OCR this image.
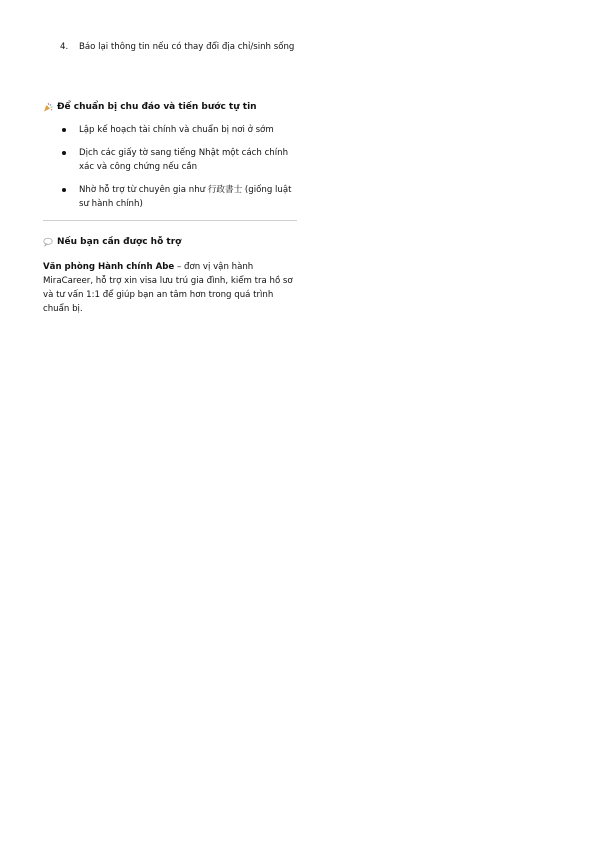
4. Báo lại thông tin nếu có thay đổi địa chỉ/sinh sống
Để chuẩn bị chu đáo và tiến bước tự tin
Lập kế hoạch tài chính và chuẩn bị nơi ở sớm
Dịch các giấy tờ sang tiếng Nhật một cách chính xác và công chứng nếu cần
Nhờ hỗ trợ từ chuyên gia như 行政書士 (giống luật sư hành chính)
Nếu bạn cần được hỗ trợ
Văn phòng Hành chính Abe – đơn vị vận hành MiraCareer, hỗ trợ xin visa lưu trú gia đình, kiểm tra hồ sơ và tư vấn 1:1 để giúp bạn an tâm hơn trong quá trình chuẩn bị.
